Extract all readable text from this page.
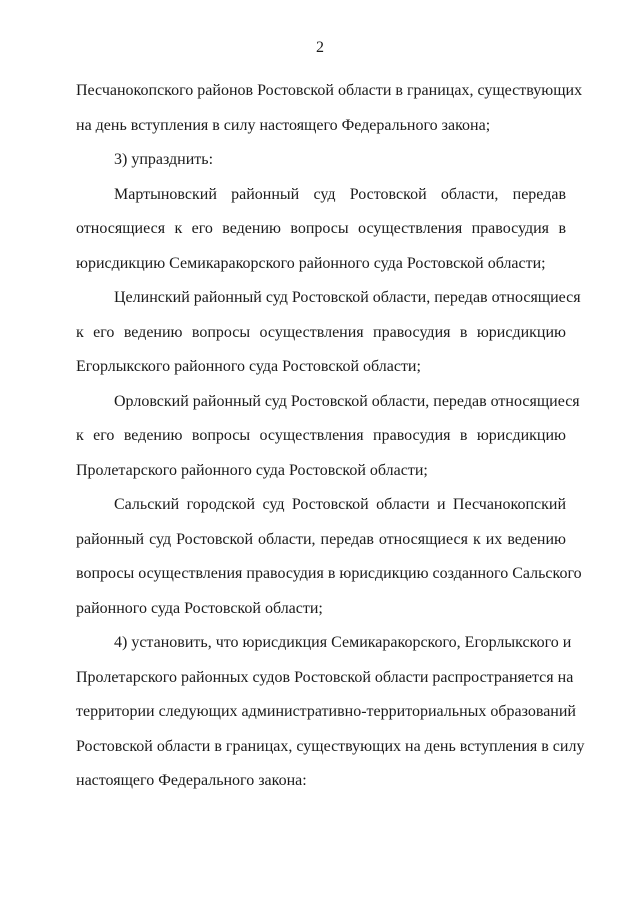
2
Песчанокопского районов Ростовской области в границах, существующих
на день вступления в силу настоящего Федерального закона;
3) упразднить:
Мартыновский районный суд Ростовской области, передав
относящиеся к его ведению вопросы осуществления правосудия в
юрисдикцию Семикаракорского районного суда Ростовской области;
Целинский районный суд Ростовской области, передав относящиеся
к его ведению вопросы осуществления правосудия в юрисдикцию
Егорлыкского районного суда Ростовской области;
Орловский районный суд Ростовской области, передав относящиеся
к его ведению вопросы осуществления правосудия в юрисдикцию
Пролетарского районного суда Ростовской области;
Сальский городской суд Ростовской области и Песчанокопский
районный суд Ростовской области, передав относящиеся к их ведению
вопросы осуществления правосудия в юрисдикцию созданного Сальского
районного суда Ростовской области;
4) установить, что юрисдикция Семикаракорского, Егорлыкского и
Пролетарского районных судов Ростовской области распространяется на
территории следующих административно-территориальных образований
Ростовской области в границах, существующих на день вступления в силу
настоящего Федерального закона:
